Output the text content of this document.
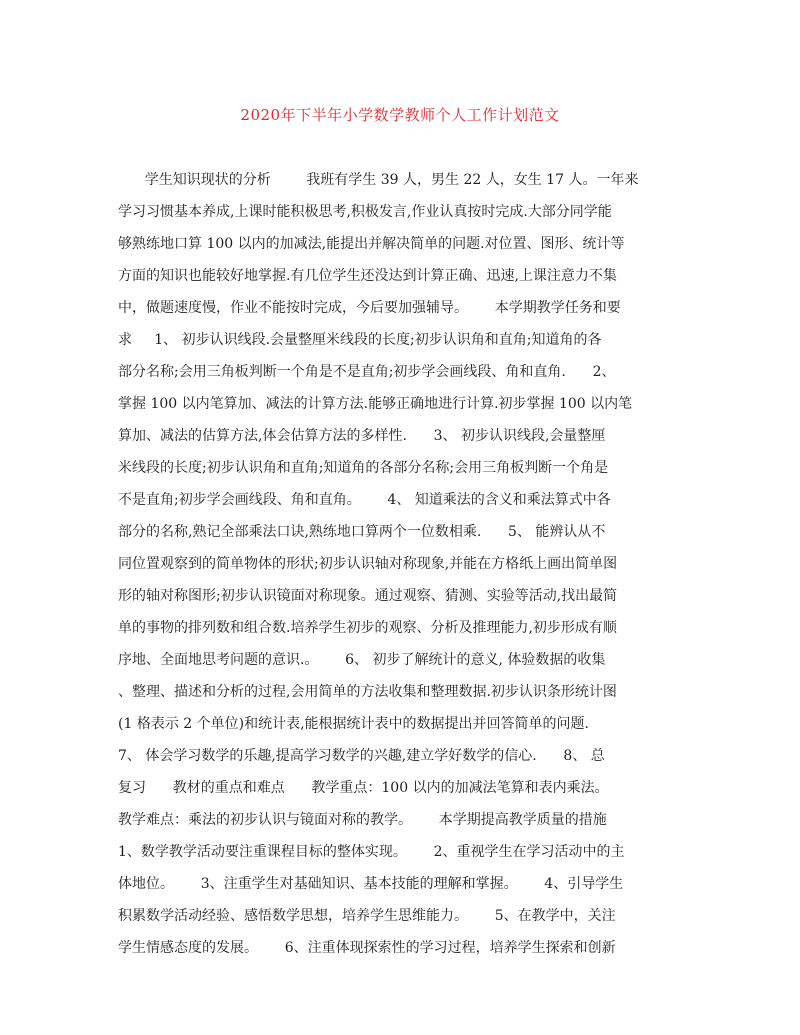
2020年下半年小学数学教师个人工作计划范文
学生知识现状的分析        我班有学生 39 人，男生 22 人，女生 17 人。一年来
学习习惯基本养成,上课时能积极思考,积极发言,作业认真按时完成.大部分同学能
够熟练地口算 100 以内的加减法,能提出并解决简单的问题.对位置、图形、统计等
方面的知识也能较好地掌握.有几位学生还没达到计算正确、迅速,上课注意力不集
中，做题速度慢，作业不能按时完成，今后要加强辅导。      本学期教学任务和要
求     1、 初步认识线段.会量整厘米线段的长度;初步认识角和直角;知道角的各
部分名称;会用三角板判断一个角是不是直角;初步学会画线段、角和直角.      2、
掌握 100 以内笔算加、减法的计算方法.能够正确地进行计算.初步掌握 100 以内笔
算加、减法的估算方法,体会估算方法的多样性.      3、 初步认识线段,会量整厘
米线段的长度;初步认识角和直角;知道角的各部分名称;会用三角板判断一个角是
不是直角;初步学会画线段、角和直角。      4、 知道乘法的含义和乘法算式中各
部分的名称,熟记全部乘法口诀,熟练地口算两个一位数相乘.      5、 能辨认从不
同位置观察到的简单物体的形状;初步认识轴对称现象,并能在方格纸上画出简单图
形的轴对称图形;初步认识镜面对称现象。通过观察、猜测、实验等活动,找出最简
单的事物的排列数和组合数.培养学生初步的观察、分析及推理能力,初步形成有顺
序地、全面地思考问题的意识.。      6、 初步了解统计的意义, 体验数据的收集
、整理、描述和分析的过程,会用简单的方法收集和整理数据.初步认识条形统计图
(1 格表示 2 个单位)和统计表,能根据统计表中的数据提出并回答简单的问题.
7、 体会学习数学的乐趣,提高学习数学的兴趣,建立学好数学的信心.      8、 总
复习      教材的重点和难点      教学重点：100 以内的加减法笔算和表内乘法。
教学难点：乘法的初步认识与镜面对称的教学。      本学期提高教学质量的措施
1、数学教学活动要注重课程目标的整体实现。      2、重视学生在学习活动中的主
体地位。      3、注重学生对基础知识、基本技能的理解和掌握。      4、引导学生
积累数学活动经验、感悟数学思想，培养学生思维能力。      5、在教学中，关注
学生情感态度的发展。      6、注重体现探索性的学习过程，培养学生探索和创新
